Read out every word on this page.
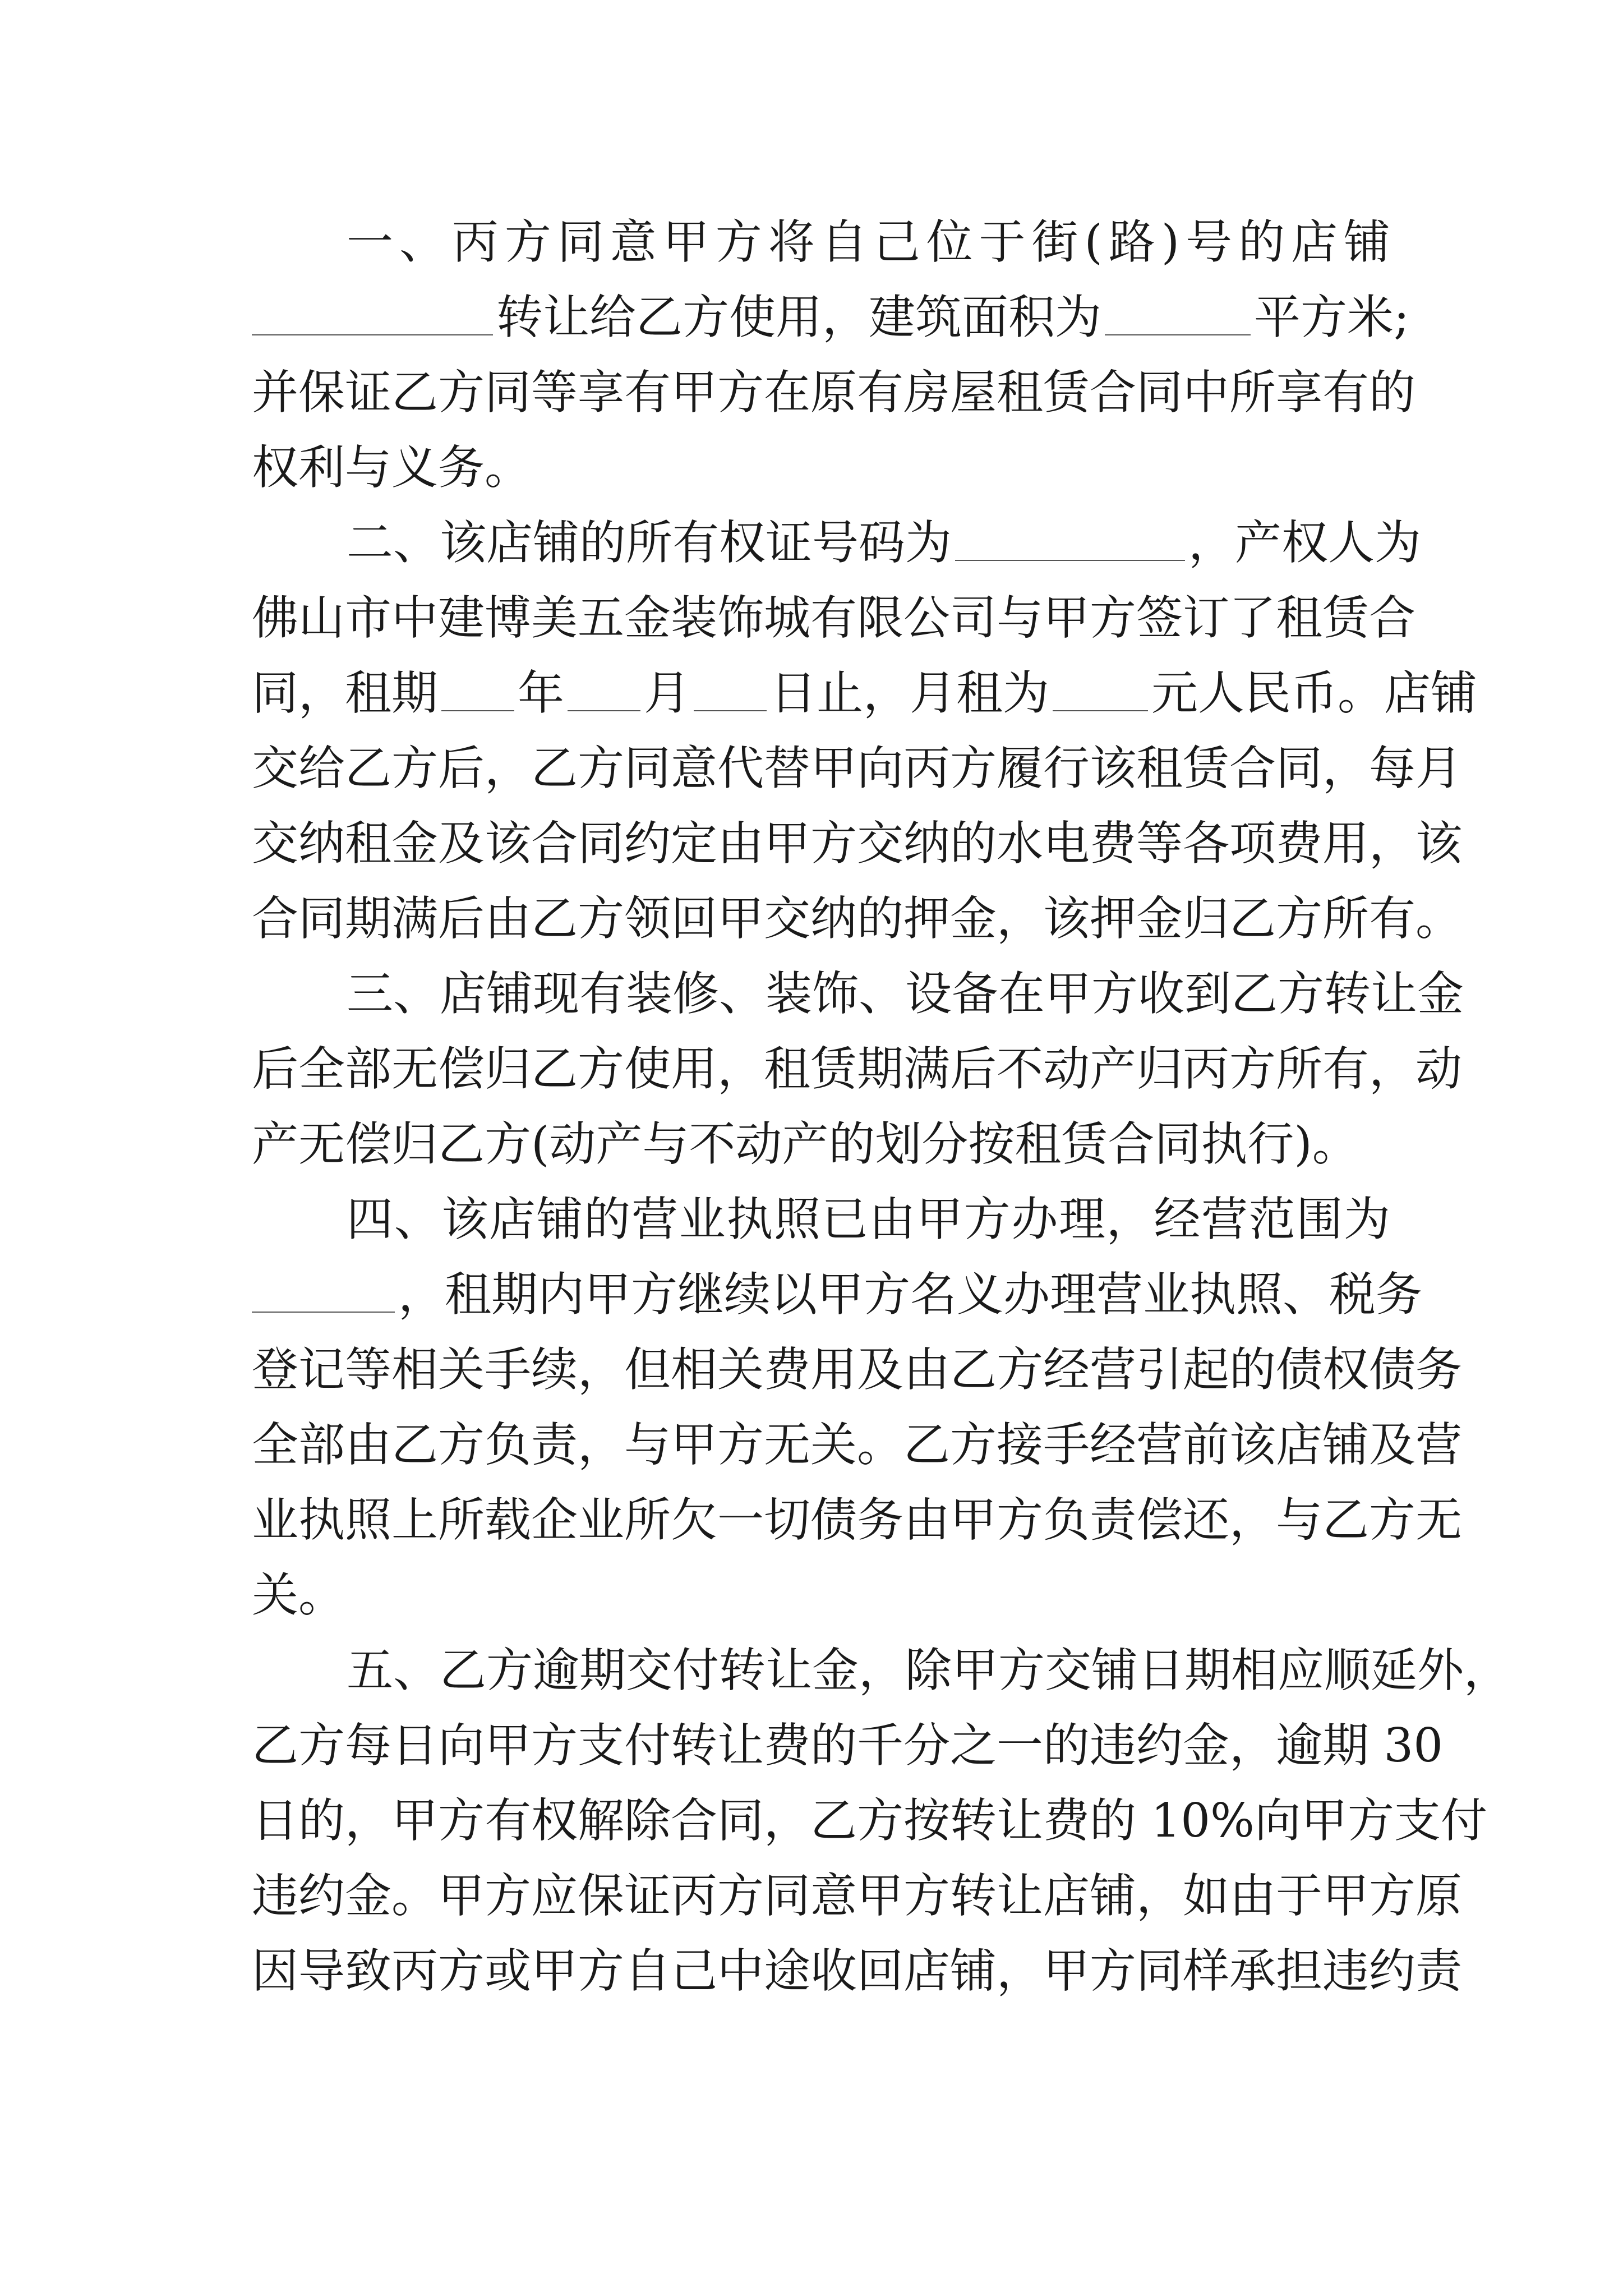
一、丙方同意甲方将自己位于街(路)号的店铺
转让给乙方使用，建筑面积为	平方米;
并保证乙方同等享有甲方在原有房屋租赁合同中所享有的
权利与义务。
二、该店铺的所有权证号码为	，产权人为
佛山市中建博美五金装饰城有限公司与甲方签订了租赁合
同，租期 年 月 日止，月租为 元人民币。店铺
交给乙方后，乙方同意代替甲向丙方履行该租赁合同，每月
交纳租金及该合同约定由甲方交纳的水电费等各项费用，该
合同期满后由乙方领回甲交纳的押金，该押金归乙方所有。
三、店铺现有装修、装饰、设备在甲方收到乙方转让金
后全部无偿归乙方使用，租赁期满后不动产归丙方所有，动
产无偿归乙方(动产与不动产的划分按租赁合同执行)。
四、该店铺的营业执照已由甲方办理，经营范围为
，租期内甲方继续以甲方名义办理营业执照、税务
登记等相关手续，但相关费用及由乙方经营引起的债权债务
全部由乙方负责，与甲方无关。乙方接手经营前该店铺及营
业执照上所载企业所欠一切债务由甲方负责偿还，与乙方无
关。
五、乙方逾期交付转让金，除甲方交铺日期相应顺延外，
乙方每日向甲方支付转让费的千分之一的违约金，逾期 30
日的，甲方有权解除合同，乙方按转让费的 10%向甲方支付
违约金。甲方应保证丙方同意甲方转让店铺，如由于甲方原
因导致丙方或甲方自己中途收回店铺，甲方同样承担违约责
